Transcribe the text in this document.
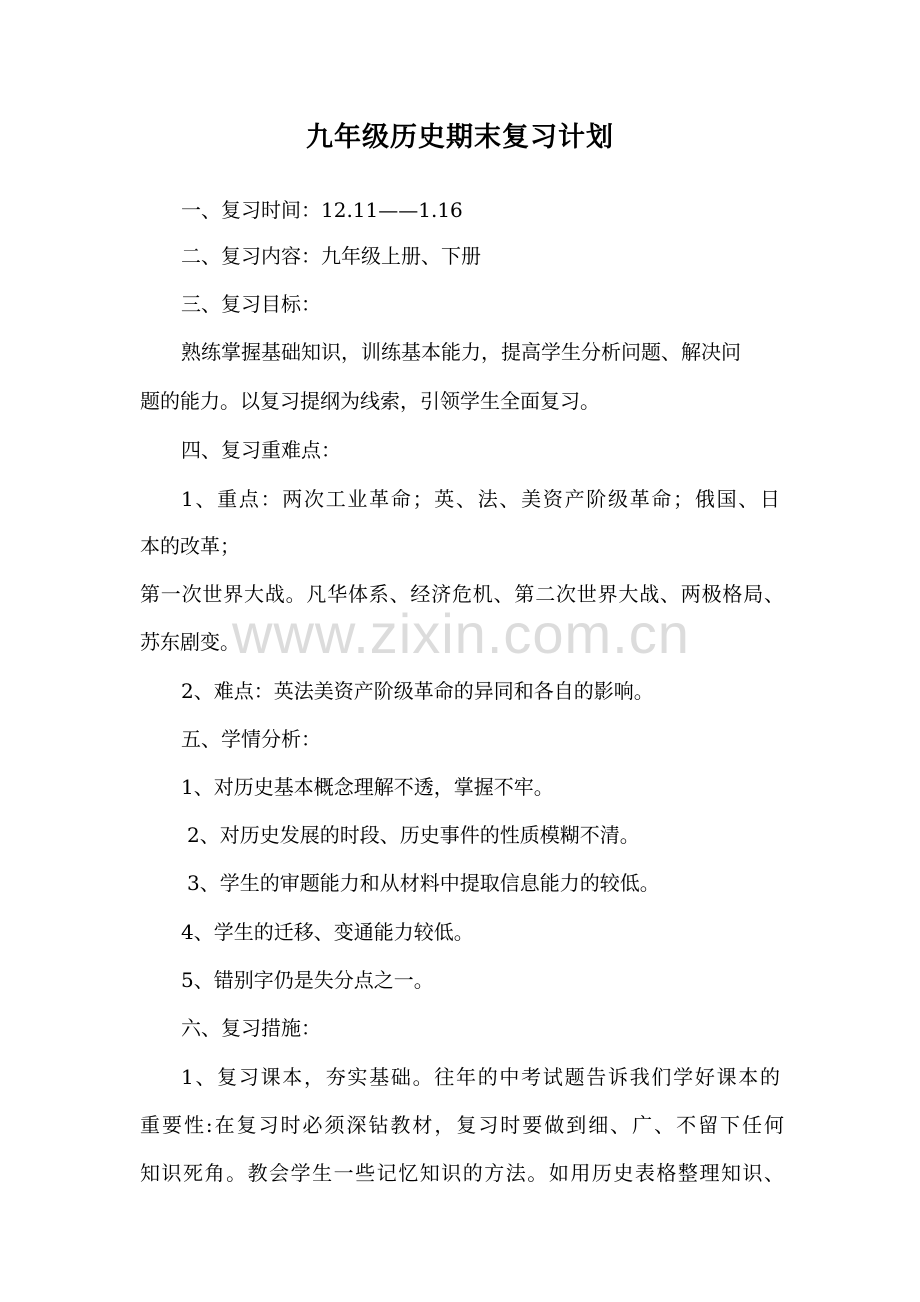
九年级历史期末复习计划
一、复习时间：12.11——1.16
二、复习内容：九年级上册、下册
三、复习目标：
熟练掌握基础知识，训练基本能力，提高学生分析问题、解决问
题的能力。以复习提纲为线索，引领学生全面复习。
四、复习重难点：
1、重点：两次工业革命；英、法、美资产阶级革命；俄国、日
本的改革；
第一次世界大战。凡华体系、经济危机、第二次世界大战、两极格局、
苏东剧变。
2、难点：英法美资产阶级革命的异同和各自的影响。
五、学情分析：
1、对历史基本概念理解不透，掌握不牢。
2、对历史发展的时段、历史事件的性质模糊不清。
3、学生的审题能力和从材料中提取信息能力的较低。
4、学生的迁移、变通能力较低。
5、错别字仍是失分点之一。
六、复习措施：
1、复习课本，夯实基础。往年的中考试题告诉我们学好课本的
重要性:在复习时必须深钻教材，复习时要做到细、广、不留下任何
知识死角。教会学生一些记忆知识的方法。如用历史表格整理知识、
www.zixin.com.cn
